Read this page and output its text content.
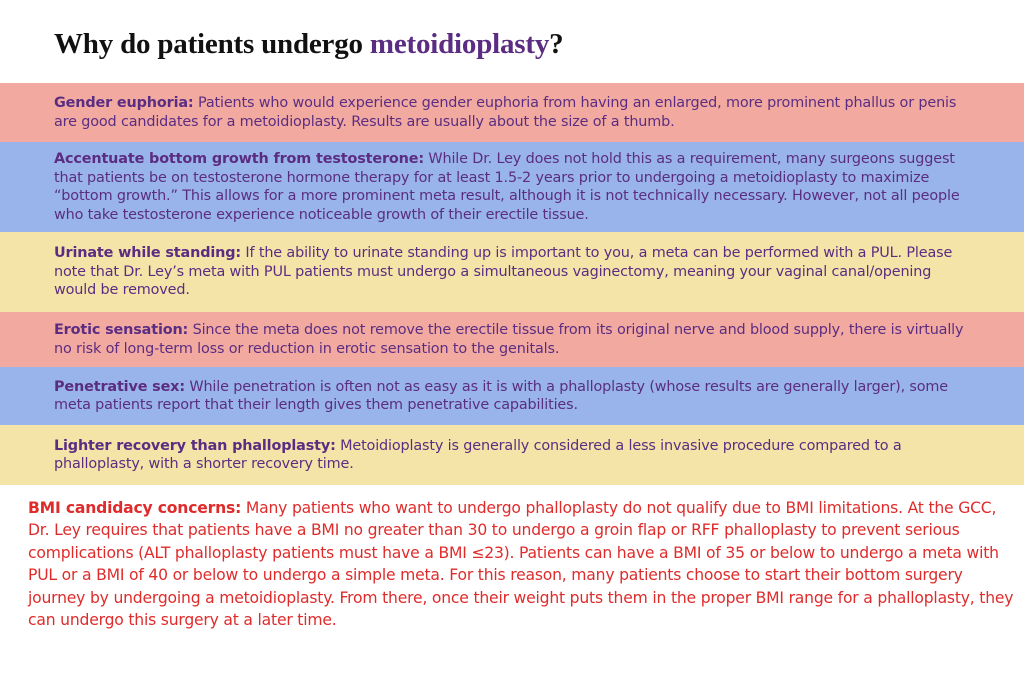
Why do patients undergo metoidioplasty?

Gender euphoria: Patients who would experience gender euphoria from having an enlarged, more prominent phallus or penis are good candidates for a metoidioplasty. Results are usually about the size of a thumb.

Accentuate bottom growth from testosterone: While Dr. Ley does not hold this as a requirement, many surgeons suggest that patients be on testosterone hormone therapy for at least 1.5-2 years prior to undergoing a metoidioplasty to maximize “bottom growth.” This allows for a more prominent meta result, although it is not technically necessary. However, not all people who take testosterone experience noticeable growth of their erectile tissue.

Urinate while standing: If the ability to urinate standing up is important to you, a meta can be performed with a PUL. Please note that Dr. Ley’s meta with PUL patients must undergo a simultaneous vaginectomy, meaning your vaginal canal/opening would be removed.

Erotic sensation: Since the meta does not remove the erectile tissue from its original nerve and blood supply, there is virtually no risk of long-term loss or reduction in erotic sensation to the genitals.

Penetrative sex: While penetration is often not as easy as it is with a phalloplasty (whose results are generally larger), some meta patients report that their length gives them penetrative capabilities.

Lighter recovery than phalloplasty: Metoidioplasty is generally considered a less invasive procedure compared to a phalloplasty, with a shorter recovery time.

BMI candidacy concerns: Many patients who want to undergo phalloplasty do not qualify due to BMI limitations. At the GCC, Dr. Ley requires that patients have a BMI no greater than 30 to undergo a groin flap or RFF phalloplasty to prevent serious complications (ALT phalloplasty patients must have a BMI ≤23). Patients can have a BMI of 35 or below to undergo a meta with PUL or a BMI of 40 or below to undergo a simple meta. For this reason, many patients choose to start their bottom surgery journey by undergoing a metoidioplasty. From there, once their weight puts them in the proper BMI range for a phalloplasty, they can undergo this surgery at a later time.
